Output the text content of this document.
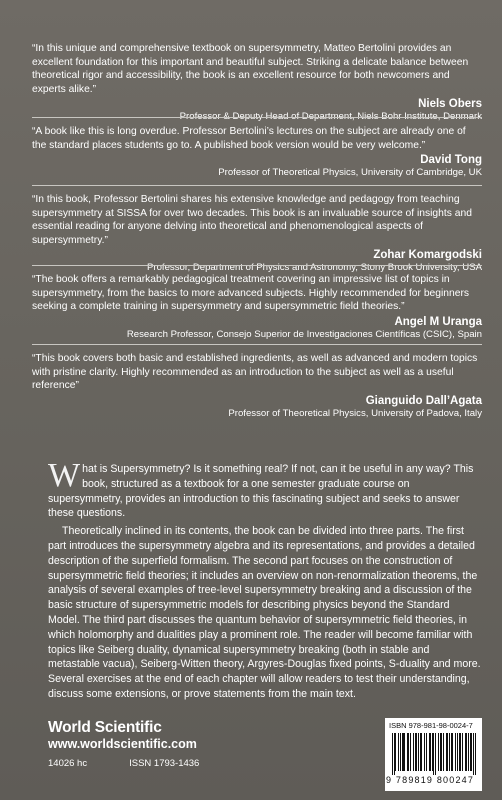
“In this unique and comprehensive textbook on supersymmetry, Matteo Bertolini provides an excellent foundation for this important and beautiful subject. Striking a delicate balance between theoretical rigor and accessibility, the book is an excellent resource for both newcomers and experts alike.”

Niels Obers

Professor & Deputy Head of Department, Niels Bohr Institute, Denmark

“A book like this is long overdue. Professor Bertolini’s lectures on the subject are already one of the standard places students go to. A published book version would be very welcome.”

David Tong

Professor of Theoretical Physics, University of Cambridge, UK

“In this book, Professor Bertolini shares his extensive knowledge and pedagogy from teaching supersymmetry at SISSA for over two decades. This book is an invaluable source of insights and essential reading for anyone delving into theoretical and phenomenological aspects of supersymmetry.”

Zohar Komargodski

Professor, Department of Physics and Astronomy, Stony Brook University, USA

“The book offers a remarkably pedagogical treatment covering an impressive list of topics in supersymmetry, from the basics to more advanced subjects. Highly recommended for beginners seeking a complete training in supersymmetry and supersymmetric field theories.”

Angel M Uranga

Research Professor, Consejo Superior de Investigaciones Científicas (CSIC), Spain

“This book covers both basic and established ingredients, as well as advanced and modern topics with pristine clarity. Highly recommended as an introduction to the subject as well as a useful reference”

Gianguido Dall’Agata

Professor of Theoretical Physics, University of Padova, Italy

What is Supersymmetry? Is it something real? If not, can it be useful in any way? This book, structured as a textbook for a one semester graduate course on supersymmetry, provides an introduction to this fascinating subject and seeks to answer these questions.

Theoretically inclined in its contents, the book can be divided into three parts. The first part introduces the supersymmetry algebra and its representations, and provides a detailed description of the superfield formalism. The second part focuses on the construction of supersymmetric field theories; it includes an overview on non-renormalization theorems, the analysis of several examples of tree-level supersymmetry breaking and a discussion of the basic structure of supersymmetric models for describing physics beyond the Standard Model. The third part discusses the quantum behavior of supersymmetric field theories, in which holomorphy and dualities play a prominent role. The reader will become familiar with topics like Seiberg duality, dynamical supersymmetry breaking (both in stable and metastable vacua), Seiberg-Witten theory, Argyres-Douglas fixed points, S-duality and more. Several exercises at the end of each chapter will allow readers to test their understanding, discuss some extensions, or prove statements from the main text.

World Scientific

www.worldscientific.com

14026 hc	ISSN 1793-1436

ISBN 978-981-98-0024-7
9 789819 800247
